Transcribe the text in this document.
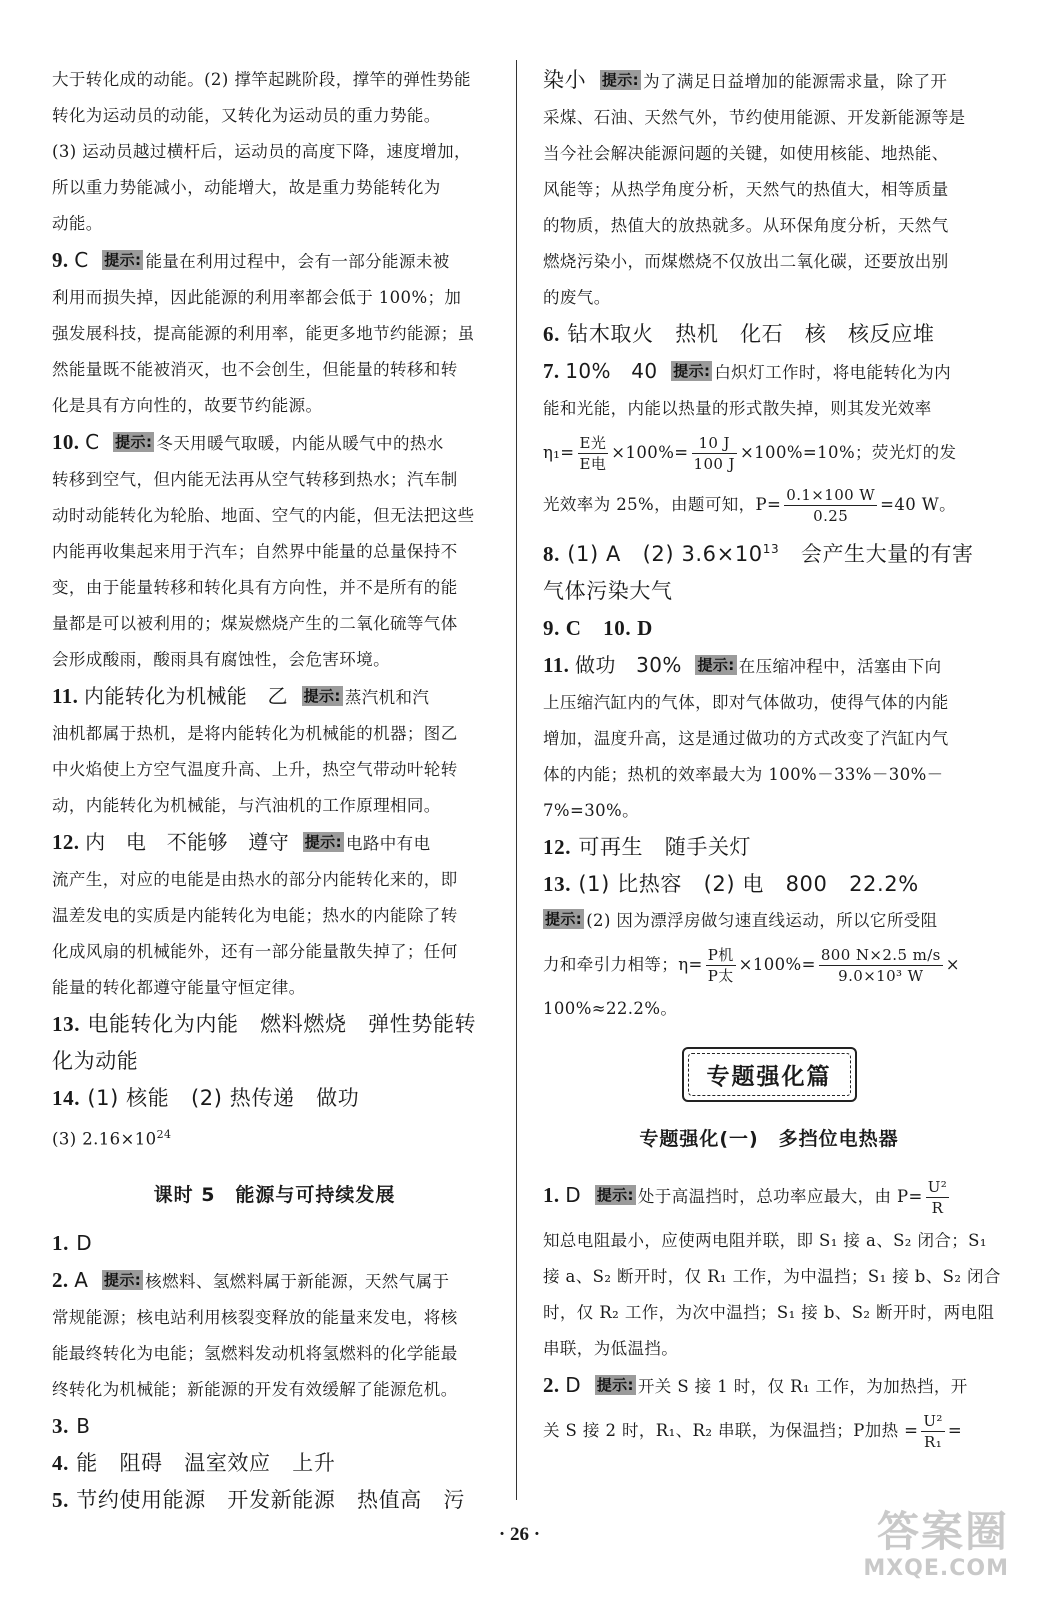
大于转化成的动能。(2) 撑竿起跳阶段，撑竿的弹性势能

转化为运动员的动能，又转化为运动员的重力势能。

(3) 运动员越过横杆后，运动员的高度下降，速度增加，

所以重力势能减小，动能增大，故是重力势能转化为

动能。

9. C 提示: 能量在利用过程中，会有一部分能源未被

利用而损失掉，因此能源的利用率都会低于 100%；加

强发展科技，提高能源的利用率，能更多地节约能源；虽

然能量既不能被消灭，也不会创生，但能量的转移和转

化是具有方向性的，故要节约能源。

10. C 提示: 冬天用暖气取暖，内能从暖气中的热水

转移到空气，但内能无法再从空气转移到热水；汽车制

动时动能转化为轮胎、地面、空气的内能，但无法把这些

内能再收集起来用于汽车；自然界中能量的总量保持不

变，由于能量转移和转化具有方向性，并不是所有的能

量都是可以被利用的；煤炭燃烧产生的二氧化硫等气体

会形成酸雨，酸雨具有腐蚀性，会危害环境。

11. 内能转化为机械能　乙 提示: 蒸汽机和汽

油机都属于热机，是将内能转化为机械能的机器；图乙

中火焰使上方空气温度升高、上升，热空气带动叶轮转

动，内能转化为机械能，与汽油机的工作原理相同。

12. 内　电　不能够　遵守 提示: 电路中有电

流产生，对应的电能是由热水的部分内能转化来的，即

温差发电的实质是内能转化为电能；热水的内能除了转

化成风扇的机械能外，还有一部分能量散失掉了；任何

能量的转化都遵守能量守恒定律。

13. 电能转化为内能　燃料燃烧　弹性势能转

化为动能

14. (1) 核能　(2) 热传递　做功

(3) $2.16\times 10^{24}$

课时 5　能源与可持续发展

1. D

2. A 提示: 核燃料、氢燃料属于新能源，天然气属于

常规能源；核电站利用核裂变释放的能量来发电，将核

能最终转化为电能；氢燃料发动机将氢燃料的化学能最

终转化为机械能；新能源的开发有效缓解了能源危机。

3. B

4. 能　阻碍　温室效应　上升

5. 节约使用能源　开发新能源　热值高　污

染小 提示: 为了满足日益增加的能源需求量，除了开

采煤、石油、天然气外，节约使用能源、开发新能源等是

当今社会解决能源问题的关键，如使用核能、地热能、

风能等；从热学角度分析，天然气的热值大，相等质量

的物质，热值大的放热就多。从环保角度分析，天然气

燃烧污染小，而煤燃烧不仅放出二氧化碳，还要放出别

的废气。

6. 钻木取火　热机　化石　核　核反应堆

7. 10%　40 提示: 白炽灯工作时，将电能转化为内

能和光能，内能以热量的形式散失掉，则其发光效率

$\eta_1= \frac{\text{E光}}{\text{E电}} \times 100\%= \frac{10 J}{100 J} \times 100\%=10\%$；荧光灯的发

光效率为 25%，由题可知，$P= \frac{0.1\times 100 W}{0.25} =40$ W。

8. (1) A　(2) $3.6\times 10^{13}$　会产生大量的有害

气体污染大气

9. C　10. D

11. 做功　30% 提示: 在压缩冲程中，活塞由下向

上压缩汽缸内的气体，即对气体做功，使得气体的内能

增加，温度升高，这是通过做功的方式改变了汽缸内气

体的内能；热机的效率最大为 100%－33%－30%－

7%=30%。

12. 可再生　随手关灯

13. (1) 比热容　(2) 电　800　22.2%

提示: (2) 因为漂浮房做匀速直线运动，所以它所受阻

力和牵引力相等；$\eta= \frac{\text{P机}}{\text{P太}} \times 100\%= \frac{800 N\times 2.5 m/s}{\text{9.0×10³ W}}$ ×

100%≈22.2%。

专题强化篇
专题强化(一)　多挡位电热器

1. D 提示: 处于高温挡时，总功率应最大，由 $P= \frac{\text{U²}}{R}$

知总电阻最小，应使两电阻并联，即 S₁ 接 a、S₂ 闭合；S₁

接 a、S₂ 断开时，仅 R₁ 工作，为中温挡；S₁ 接 b、S₂ 闭合

时，仅 R₂ 工作，为次中温挡；S₁ 接 b、S₂ 断开时，两电阻

串联，为低温挡。

2. D 提示: 开关 S 接 1 时，仅 R₁ 工作，为加热挡，开

关 S 接 2 时，R₁、R₂ 串联，为保温挡；P加热 = $\frac{\text{U²}}{\text{R₁}}$ =

· 26 ·	答案圈
MXQE.COM
